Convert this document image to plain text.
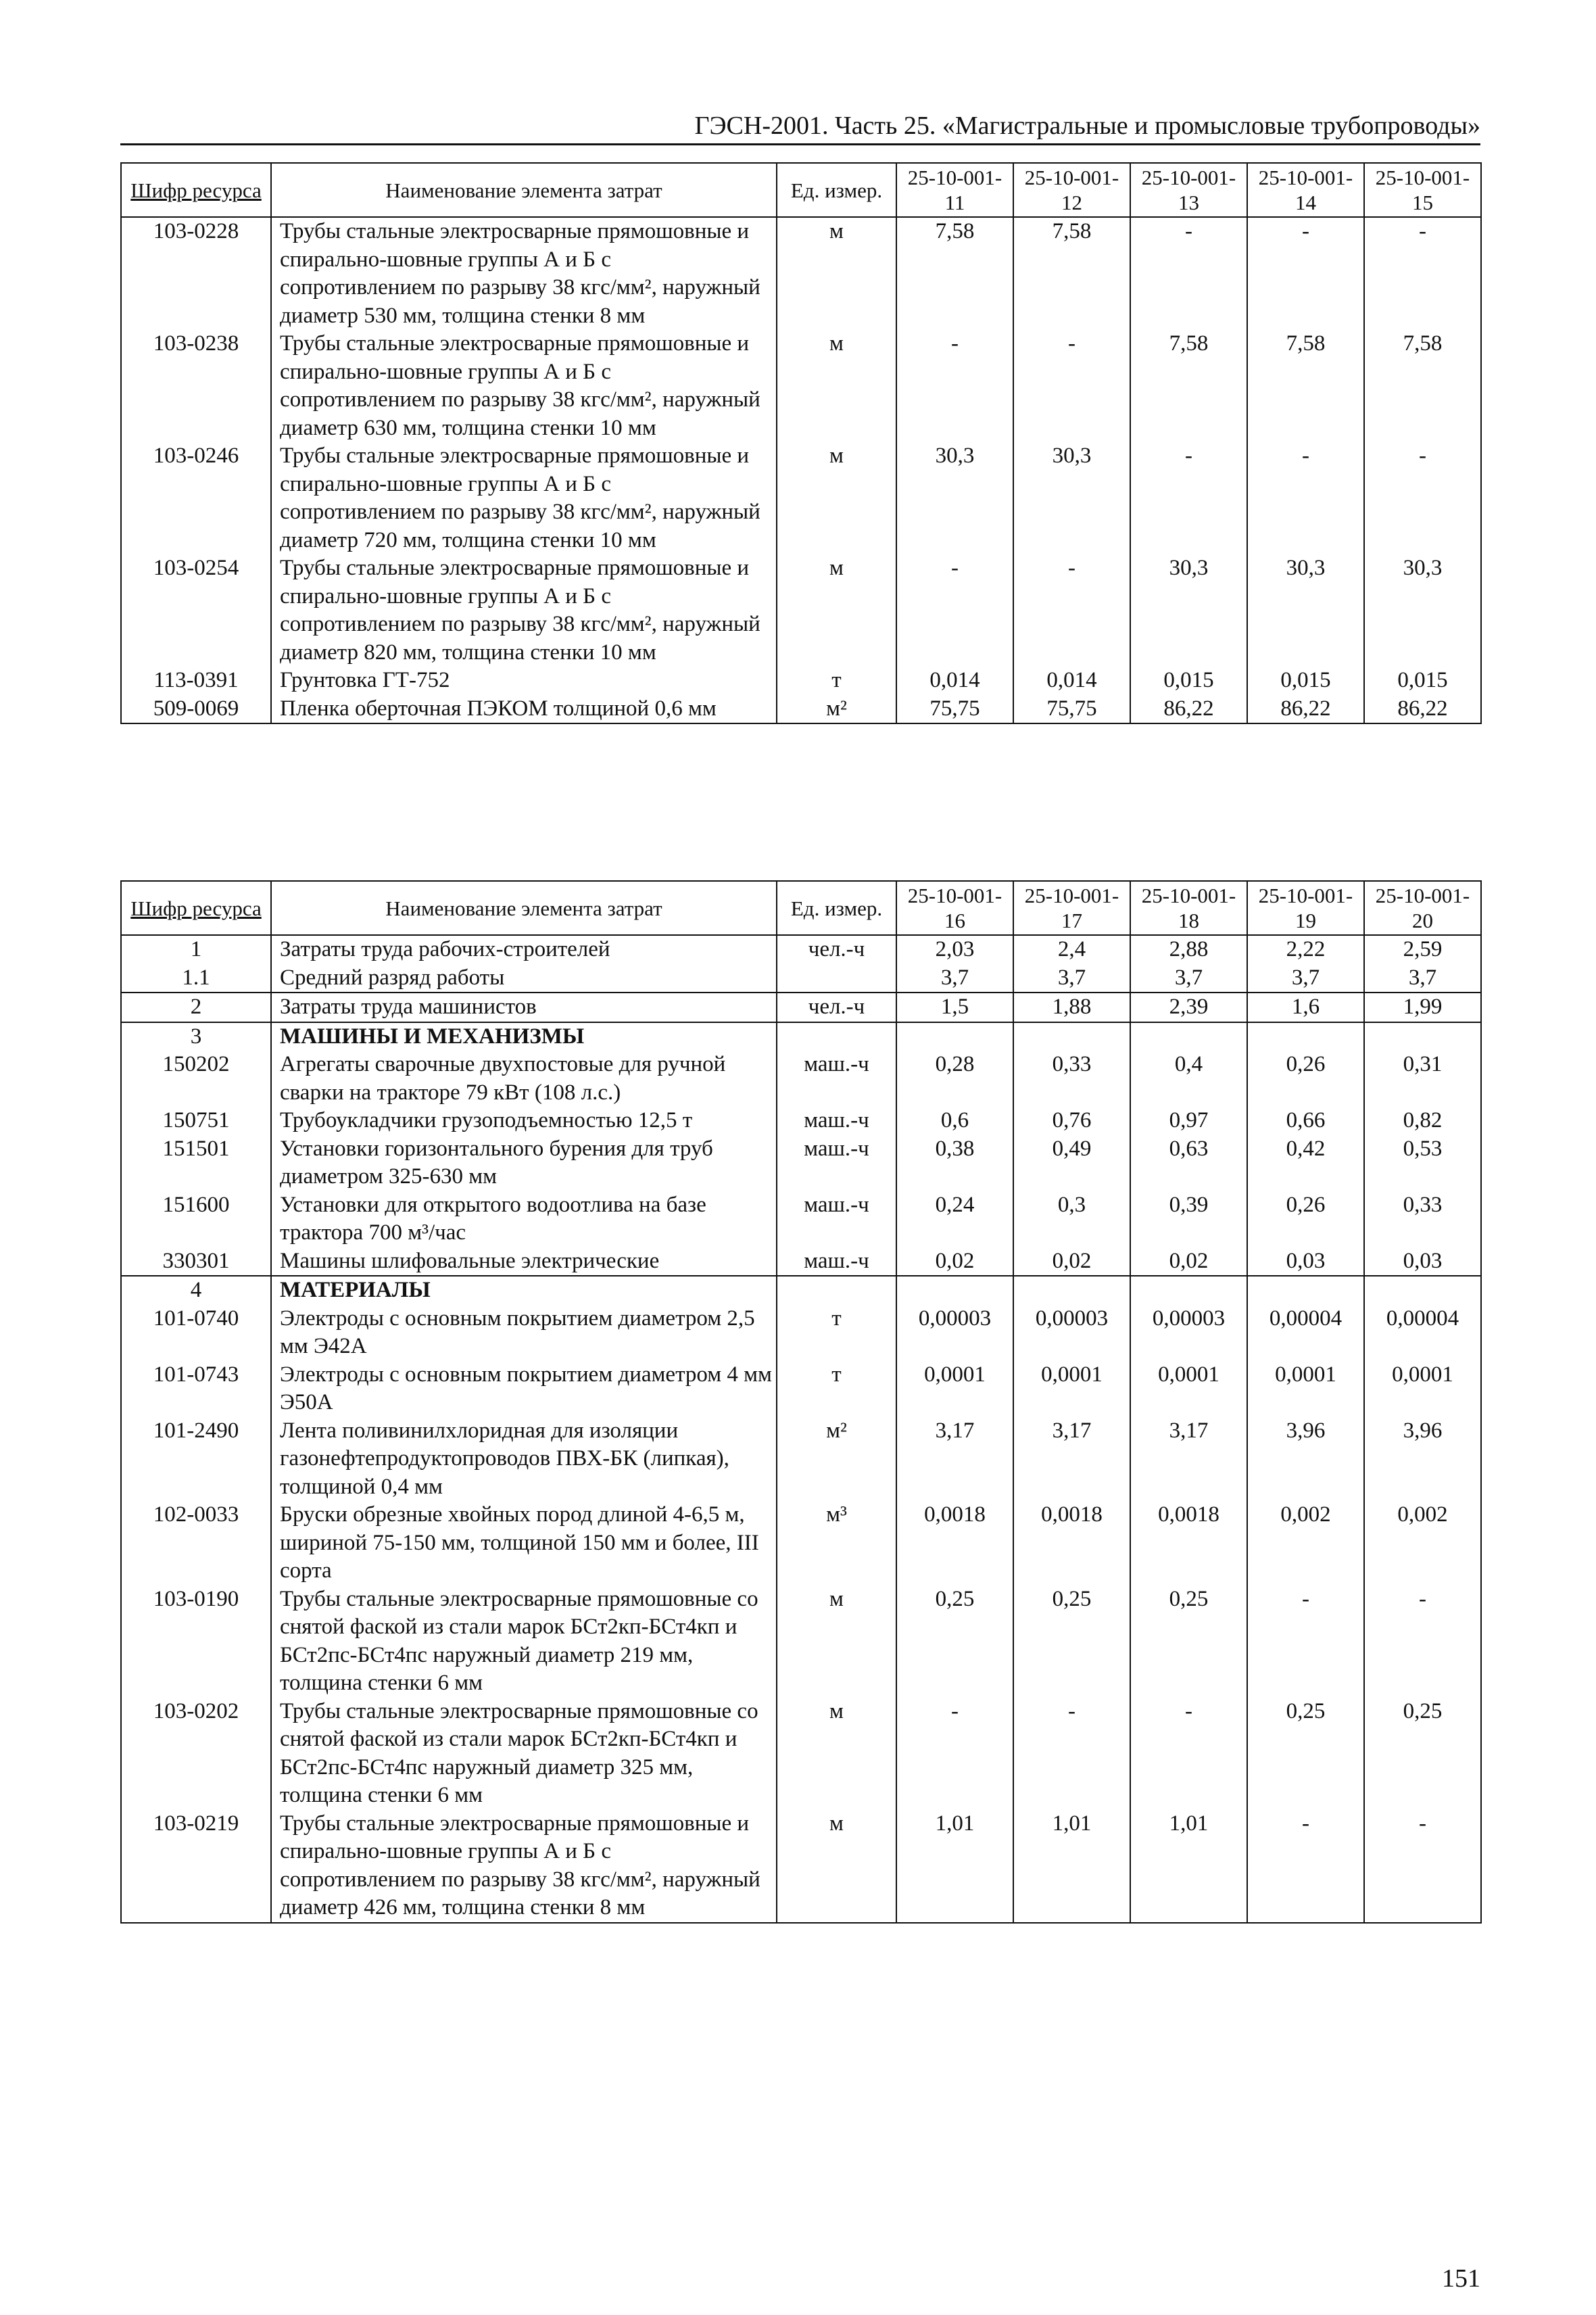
ГЭСН-2001. Часть 25. «Магистральные и промысловые трубопроводы»
Шифр ресурса	Наименование элемента затрат	Ед. измер.	25-10-001-11	25-10-001-12	25-10-001-13	25-10-001-14	25-10-001-15
103-0228	Трубы стальные электросварные прямошовные и спирально-шовные группы А и Б с сопротивлением по разрыву 38 кгс/мм², наружный диаметр 530 мм, толщина стенки 8 мм	м	7,58	7,58	-	-	-
103-0238	Трубы стальные электросварные прямошовные и спирально-шовные группы А и Б с сопротивлением по разрыву 38 кгс/мм², наружный диаметр 630 мм, толщина стенки 10 мм	м	-	-	7,58	7,58	7,58
103-0246	Трубы стальные электросварные прямошовные и спирально-шовные группы А и Б с сопротивлением по разрыву 38 кгс/мм², наружный диаметр 720 мм, толщина стенки 10 мм	м	30,3	30,3	-	-	-
103-0254	Трубы стальные электросварные прямошовные и спирально-шовные группы А и Б с сопротивлением по разрыву 38 кгс/мм², наружный диаметр 820 мм, толщина стенки 10 мм	м	-	-	30,3	30,3	30,3
113-0391	Грунтовка ГТ-752	т	0,014	0,014	0,015	0,015	0,015
509-0069	Пленка оберточная ПЭКОМ толщиной 0,6 мм	м²	75,75	75,75	86,22	86,22	86,22
Шифр ресурса	Наименование элемента затрат	Ед. измер.	25-10-001-16	25-10-001-17	25-10-001-18	25-10-001-19	25-10-001-20
1	Затраты труда рабочих-строителей	чел.-ч	2,03	2,4	2,88	2,22	2,59
1.1	Средний разряд работы		3,7	3,7	3,7	3,7	3,7
2	Затраты труда машинистов	чел.-ч	1,5	1,88	2,39	1,6	1,99
3	МАШИНЫ И МЕХАНИЗМЫ						
150202	Агрегаты сварочные двухпостовые для ручной сварки на тракторе 79 кВт (108 л.с.)	маш.-ч	0,28	0,33	0,4	0,26	0,31
150751	Трубоукладчики грузоподъемностью 12,5 т	маш.-ч	0,6	0,76	0,97	0,66	0,82
151501	Установки горизонтального бурения для труб диаметром 325-630 мм	маш.-ч	0,38	0,49	0,63	0,42	0,53
151600	Установки для открытого водоотлива на базе трактора 700 м³/час	маш.-ч	0,24	0,3	0,39	0,26	0,33
330301	Машины шлифовальные электрические	маш.-ч	0,02	0,02	0,02	0,03	0,03
4	МАТЕРИАЛЫ						
101-0740	Электроды с основным покрытием диаметром 2,5 мм Э42А	т	0,00003	0,00003	0,00003	0,00004	0,00004
101-0743	Электроды с основным покрытием диаметром 4 мм Э50А	т	0,0001	0,0001	0,0001	0,0001	0,0001
101-2490	Лента поливинилхлоридная для изоляции газонефтепродуктопроводов ПВХ-БК (липкая), толщиной 0,4 мм	м²	3,17	3,17	3,17	3,96	3,96
102-0033	Бруски обрезные хвойных пород длиной 4-6,5 м, шириной 75-150 мм, толщиной 150 мм и более, III сорта	м³	0,0018	0,0018	0,0018	0,002	0,002
103-0190	Трубы стальные электросварные прямошовные со снятой фаской из стали марок БСт2кп-БСт4кп и БСт2пс-БСт4пс наружный диаметр 219 мм, толщина стенки 6 мм	м	0,25	0,25	0,25	-	-
103-0202	Трубы стальные электросварные прямошовные со снятой фаской из стали марок БСт2кп-БСт4кп и БСт2пс-БСт4пс наружный диаметр 325 мм, толщина стенки 6 мм	м	-	-	-	0,25	0,25
103-0219	Трубы стальные электросварные прямошовные и спирально-шовные группы А и Б с сопротивлением по разрыву 38 кгс/мм², наружный диаметр 426 мм, толщина стенки 8 мм	м	1,01	1,01	1,01	-	-
151
